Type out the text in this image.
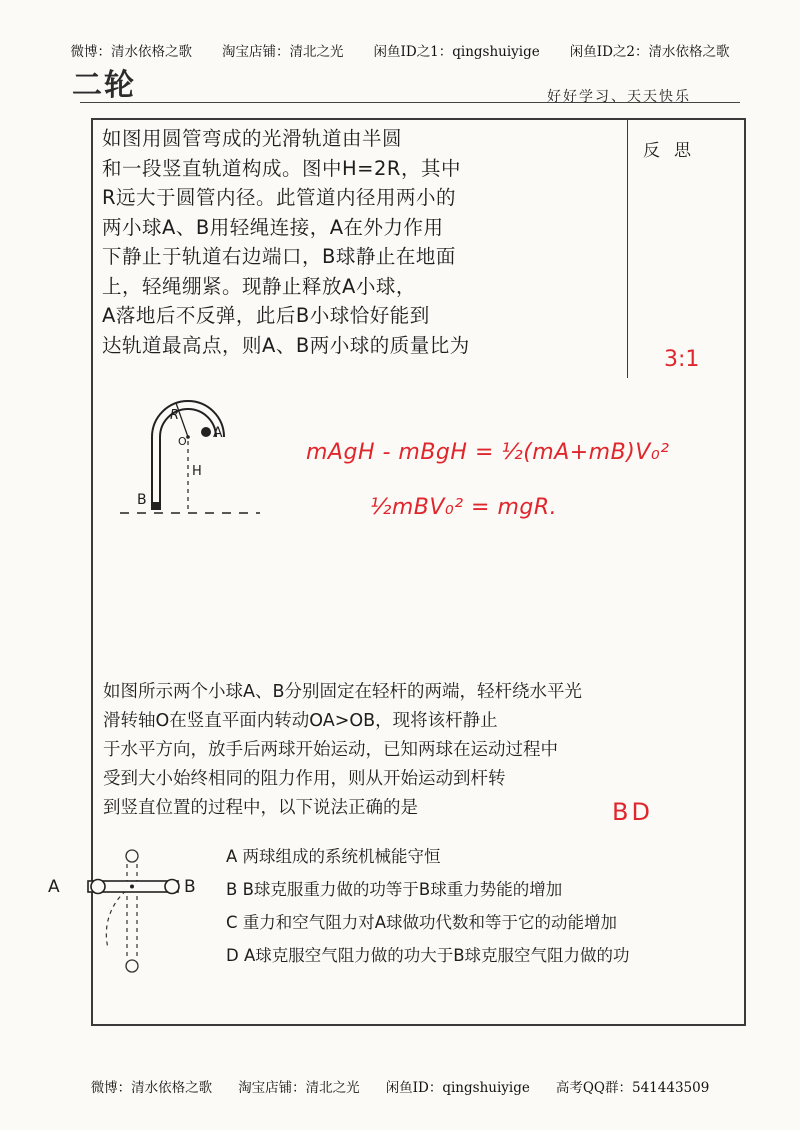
微博：清水依格之歌 淘宝店铺：清北之光 闲鱼ID之1：qingshuiyige 闲鱼ID之2：清水依格之歌
二轮	好好学习、天天快乐
反思
如图用圆管弯成的光滑轨道由半圆
和一段竖直轨道构成。图中H=2R，其中
R远大于圆管内径。此管道内径用两小的
两小球A、B用轻绳连接，A在外力作用
下静止于轨道右边端口，B球静止在地面
上，轻绳绷紧。现静止释放A小球，
A落地后不反弹，此后B小球恰好能到
达轨道最高点，则A、B两小球的质量比为
3:1
R
O
A
H
B
mAgH - mBgH = ½(mA+mB)V₀²
½mBV₀² = mgR.
如图所示两个小球A、B分别固定在轻杆的两端，轻杆绕水平光
滑转轴O在竖直平面内转动OA>OB，现将该杆静止
于水平方向，放手后两球开始运动，已知两球在运动过程中
受到大小始终相同的阻力作用，则从开始运动到杆转
到竖直位置的过程中，以下说法正确的是	BD
A 两球组成的系统机械能守恒
B B球克服重力做的功等于B球重力势能的增加
C 重力和空气阻力对A球做功代数和等于它的动能增加
D A球克服空气阻力做的功大于B球克服空气阻力做的功
A	B
微博：清水依格之歌 淘宝店铺：清北之光 闲鱼ID：qingshuiyige 高考QQ群：541443509
